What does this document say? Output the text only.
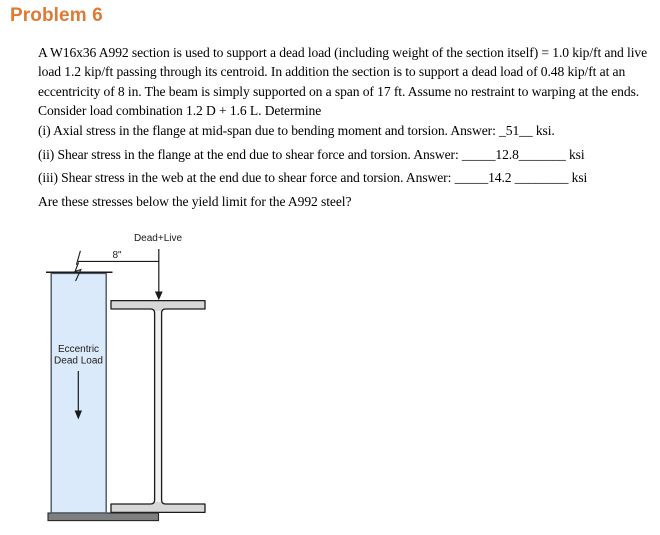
Problem 6
A W16x36 A992 section is used to support a dead load (including weight of the section itself) = 1.0 kip/ft and live
load 1.2 kip/ft passing through its centroid. In addition the section is to support a dead load of 0.48 kip/ft at an
eccentricity of 8 in. The beam is simply supported on a span of 17 ft. Assume no restraint to warping at the ends.
Consider load combination 1.2 D + 1.6 L. Determine
(i) Axial stress in the flange at mid-span due to bending moment and torsion. Answer: _51__ ksi.
(ii) Shear stress in the flange at the end due to shear force and torsion. Answer: _____12.8_______ ksi
(iii) Shear stress in the web at the end due to shear force and torsion. Answer: _____14.2 ________ ksi
Are these stresses below the yield limit for the A992 steel?
8"
Dead+Live
Eccentric
Dead Load
